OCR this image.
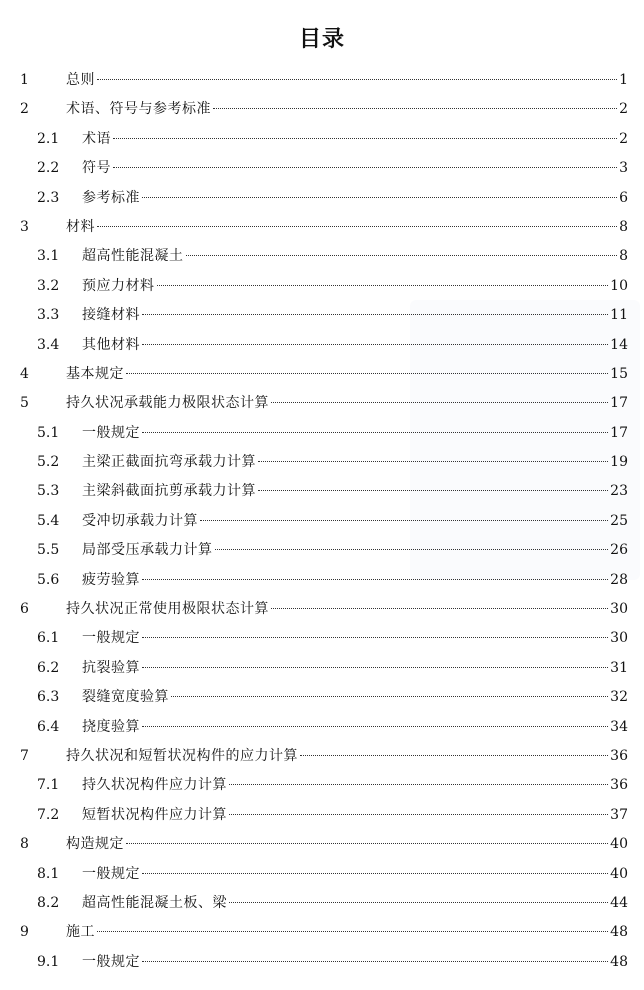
目录
1	总则	1
2	术语、符号与参考标准	2
2.1 术语	2
2.2 符号	3
2.3 参考标准	6
3	材料	8
3.1 超高性能混凝土	8
3.2 预应力材料	10
3.3 接缝材料	11
3.4 其他材料	14
4	基本规定	15
5	持久状况承载能力极限状态计算	17
5.1 一般规定	17
5.2 主梁正截面抗弯承载力计算	19
5.3 主梁斜截面抗剪承载力计算	23
5.4 受冲切承载力计算	25
5.5 局部受压承载力计算	26
5.6 疲劳验算	28
6	持久状况正常使用极限状态计算	30
6.1 一般规定	30
6.2 抗裂验算	31
6.3 裂缝宽度验算	32
6.4 挠度验算	34
7	持久状况和短暂状况构件的应力计算	36
7.1 持久状况构件应力计算	36
7.2 短暂状况构件应力计算	37
8	构造规定	40
8.1 一般规定	40
8.2 超高性能混凝土板、梁	44
9	施工	48
9.1 一般规定	48
